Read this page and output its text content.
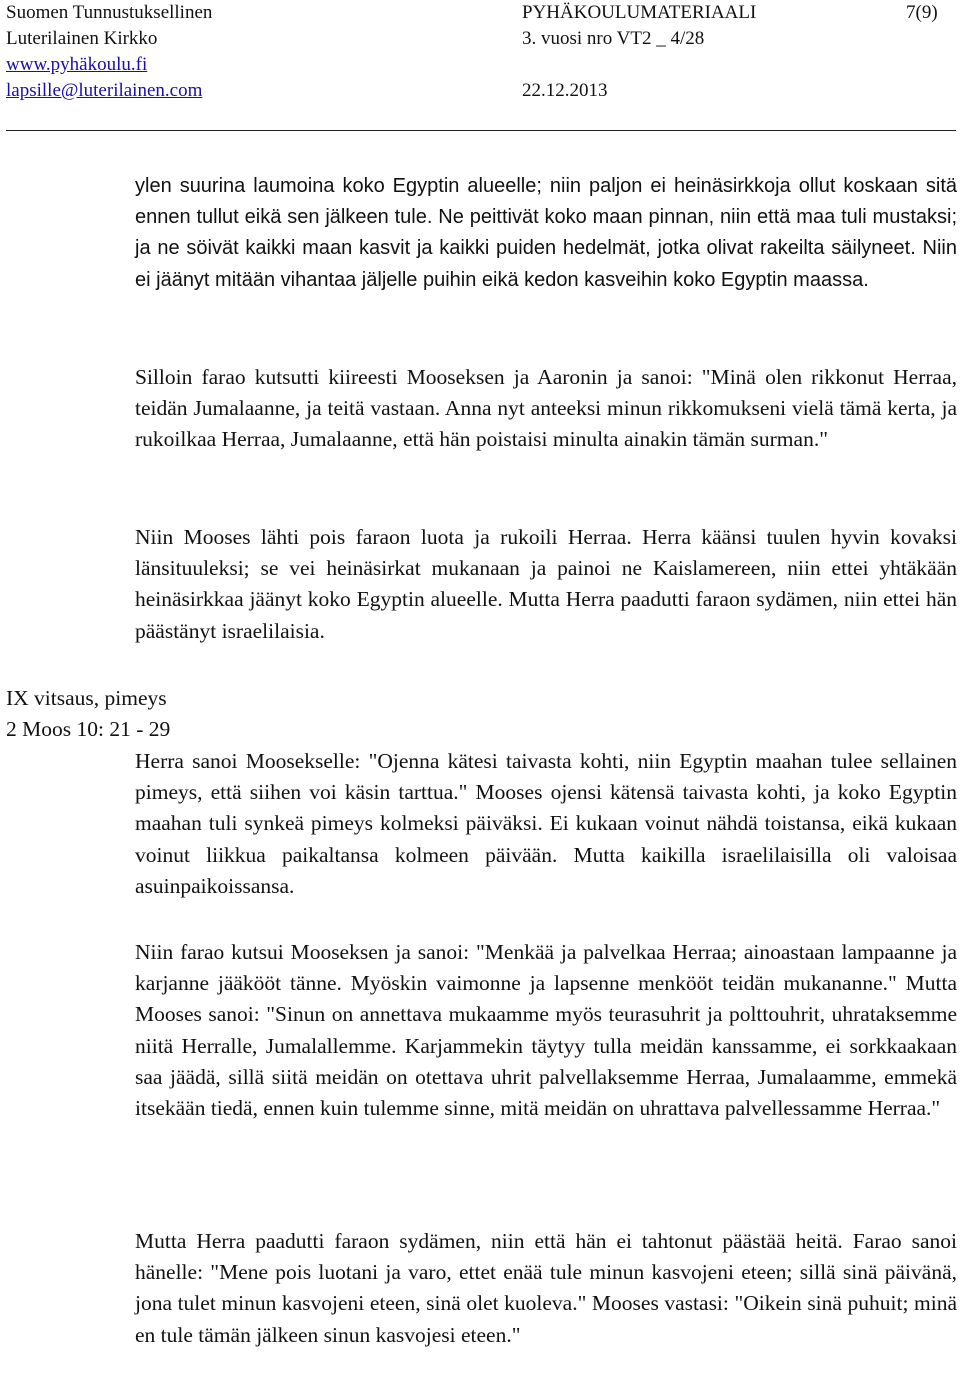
Suomen Tunnustuksellinen	PYHÄKOULUMATERIAALI	7(9)
Luterilainen Kirkko	3. vuosi nro VT2 _ 4/28
www.pyhäkoulu.fi
lapsille@luterilainen.com	22.12.2013

ylen suurina laumoina koko Egyptin alueelle; niin paljon ei heinäsirkkoja ollut koskaan sitä ennen tullut eikä sen jälkeen tule. Ne peittivät koko maan pinnan, niin että maa tuli mustaksi; ja ne söivät kaikki maan kasvit ja kaikki puiden hedelmät, jotka olivat rakeilta säilyneet. Niin ei jäänyt mitään vihantaa jäljelle puihin eikä kedon kasveihin koko Egyptin maassa.

Silloin farao kutsutti kiireesti Mooseksen ja Aaronin ja sanoi: "Minä olen rikkonut Herraa, teidän Jumalaanne, ja teitä vastaan. Anna nyt anteeksi minun rikkomukseni vielä tämä kerta, ja rukoilkaa Herraa, Jumalaanne, että hän poistaisi minulta ainakin tämän surman."

Niin Mooses lähti pois faraon luota ja rukoili Herraa. Herra käänsi tuulen hyvin kovaksi länsituuleksi; se vei heinäsirkat mukanaan ja painoi ne Kaislamereen, niin ettei yhtäkään heinäsirkkaa jäänyt koko Egyptin alueelle. Mutta Herra paadutti faraon sydämen, niin ettei hän päästänyt israelilaisia.

IX vitsaus, pimeys
2 Moos 10: 21 - 29

Herra sanoi Moosekselle: "Ojenna kätesi taivasta kohti, niin Egyptin maahan tulee sellainen pimeys, että siihen voi käsin tarttua." Mooses ojensi kätensä taivasta kohti, ja koko Egyptin maahan tuli synkeä pimeys kolmeksi päiväksi. Ei kukaan voinut nähdä toistansa, eikä kukaan voinut liikkua paikaltansa kolmeen päivään. Mutta kaikilla israelilaisilla oli valoisaa asuinpaikoissansa.

Niin farao kutsui Mooseksen ja sanoi: "Menkää ja palvelkaa Herraa; ainoastaan lampaanne ja karjanne jääkööt tänne. Myöskin vaimonne ja lapsenne menkööt teidän mukananne." Mutta Mooses sanoi: "Sinun on annettava mukaamme myös teurasuhrit ja polttouhrit, uhrataksemme niitä Herralle, Jumalallemme. Karjammekin täytyy tulla meidän kanssamme, ei sorkkaakaan saa jäädä, sillä siitä meidän on otettava uhrit palvellaksemme Herraa, Jumalaamme, emmekä itsekään tiedä, ennen kuin tulemme sinne, mitä meidän on uhrattava palvellessamme Herraa."

Mutta Herra paadutti faraon sydämen, niin että hän ei tahtonut päästää heitä. Farao sanoi hänelle: "Mene pois luotani ja varo, ettet enää tule minun kasvojeni eteen; sillä sinä päivänä, jona tulet minun kasvojeni eteen, sinä olet kuoleva." Mooses vastasi: "Oikein sinä puhuit; minä en tule tämän jälkeen sinun kasvojesi eteen."
